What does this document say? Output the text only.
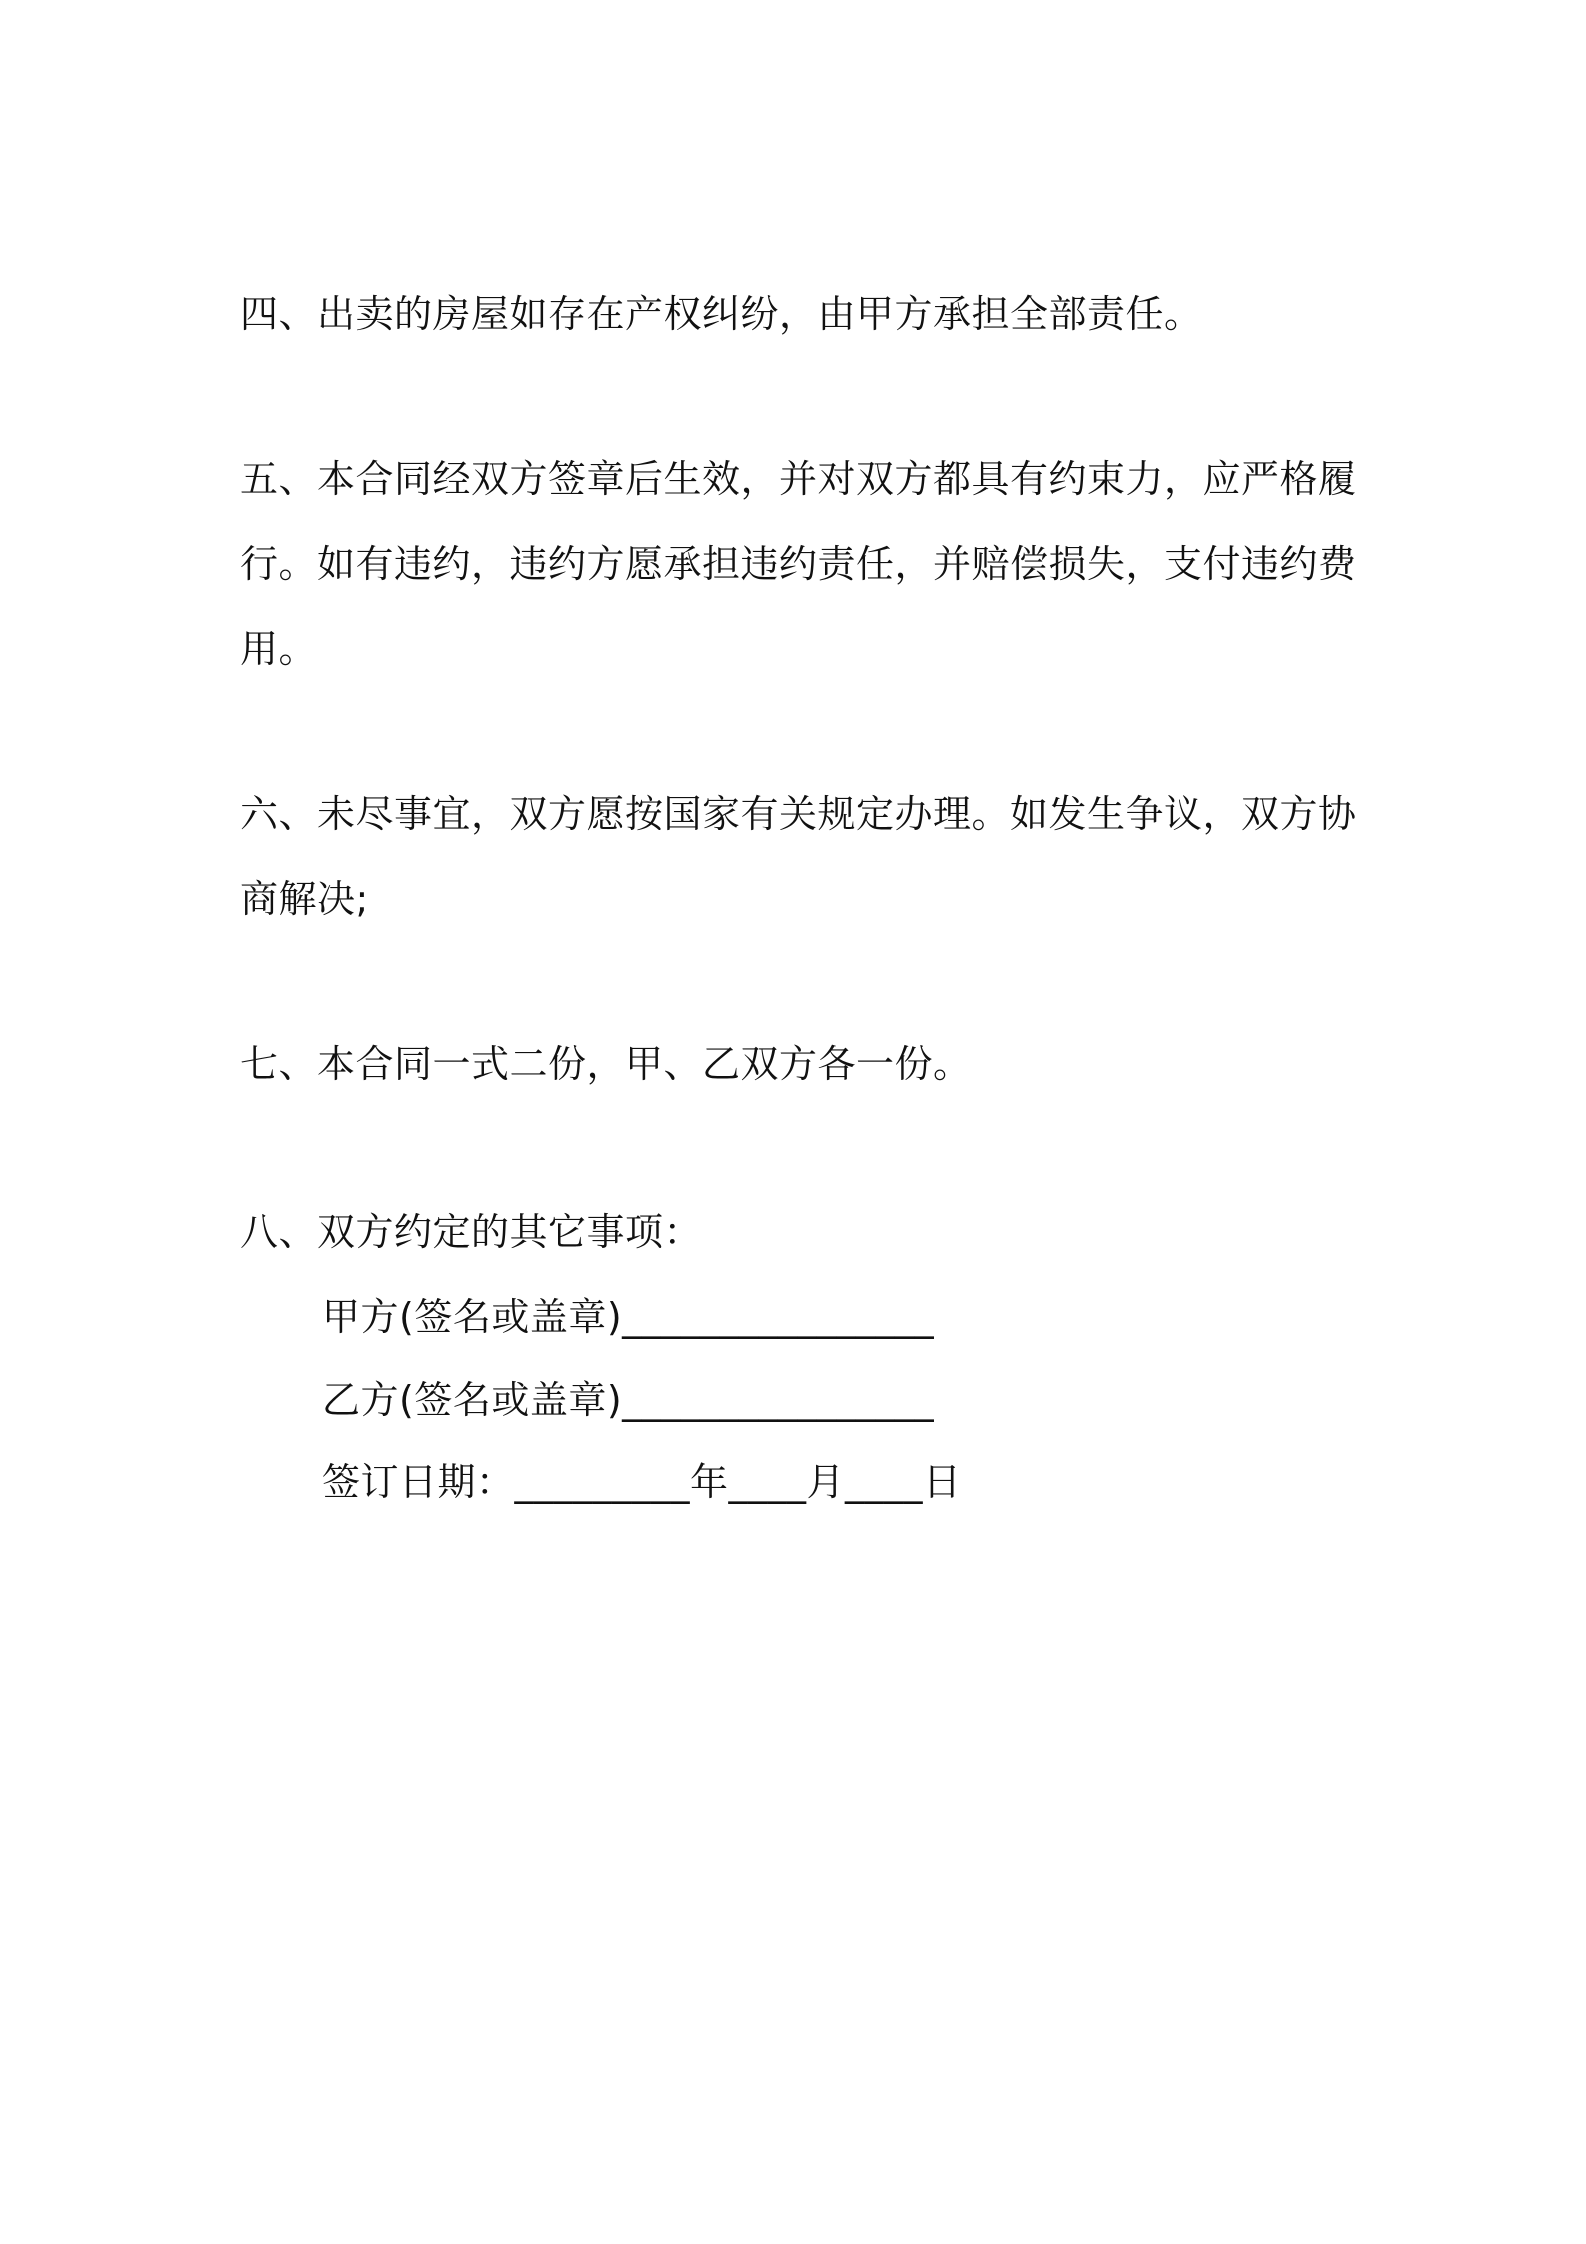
四、出卖的房屋如存在产权纠纷，由甲方承担全部责任。

五、本合同经双方签章后生效，并对双方都具有约束力，应严格履行。如有违约，违约方愿承担违约责任，并赔偿损失，支付违约费用。

六、未尽事宜，双方愿按国家有关规定办理。如发生争议，双方协商解决;

七、本合同一式二份，甲、乙双方各一份。

八、双方约定的其它事项：

甲方(签名或盖章)________________

乙方(签名或盖章)________________

签订日期：_________年____月____日
